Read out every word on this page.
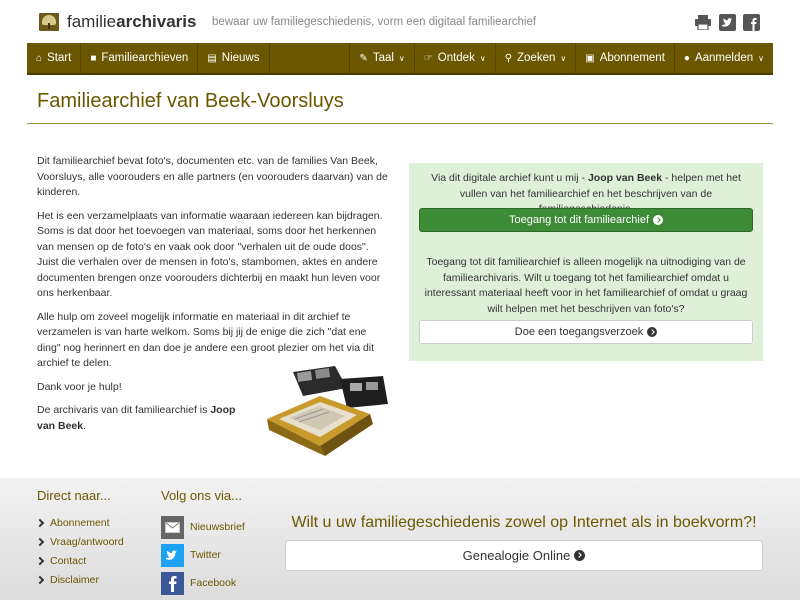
familiearchivaris bewaar uw familiegeschiedenis, vorm een digitaal familiearchief
⌂ Start ■ Familiearchieven ▤ Nieuws	✎ Taal ∨ ☞ Ontdek ∨ ⚲ Zoeken ∨ ▣ Abonnement ● Aanmelden ∨
Familiearchief van Beek-Voorsluys

Dit familiearchief bevat foto's, documenten etc. van de families Van Beek, Voorsluys, alle voorouders en alle partners (en voorouders daarvan) van de kinderen.

Het is een verzamelplaats van informatie waaraan iedereen kan bijdragen. Soms is dat door het toevoegen van materiaal, soms door het herkennen van mensen op de foto's en vaak ook door "verhalen uit de oude doos". Juist die verhalen over de mensen in foto's, stambomen, aktes en andere documenten brengen onze voorouders dichterbij en maakt hun leven voor ons herkenbaar.

Alle hulp om zoveel mogelijk informatie en materiaal in dit archief te verzamelen is van harte welkom. Soms bij jij de enige die zich "dat ene ding" nog herinnert en dan doe je andere een groot plezier om het via dit archief te delen.

Dank voor je hulp!

De archivaris van dit familiearchief is Joop van Beek.

Via dit digitale archief kunt u mij - Joop van Beek - helpen met het vullen van het familiearchief en het beschrijven van de
Toegang tot dit familiearchief
Toegang tot dit familiearchief is alleen mogelijk na uitnodiging van de familiearchivaris. Wilt u toegang tot het familiearchief omdat u interessant materiaal heeft voor in het familiearchief of omdat u graag wilt helpen met het beschrijven van foto's?
Doe een toegangsverzoek
Direct naar...
Abonnement
Vraag/antwoord
Contact
Disclaimer
Volg ons via...
Nieuwsbrief
Twitter
Facebook
Wilt u uw familiegeschiedenis zowel op Internet als in boekvorm?!
Genealogie Online
